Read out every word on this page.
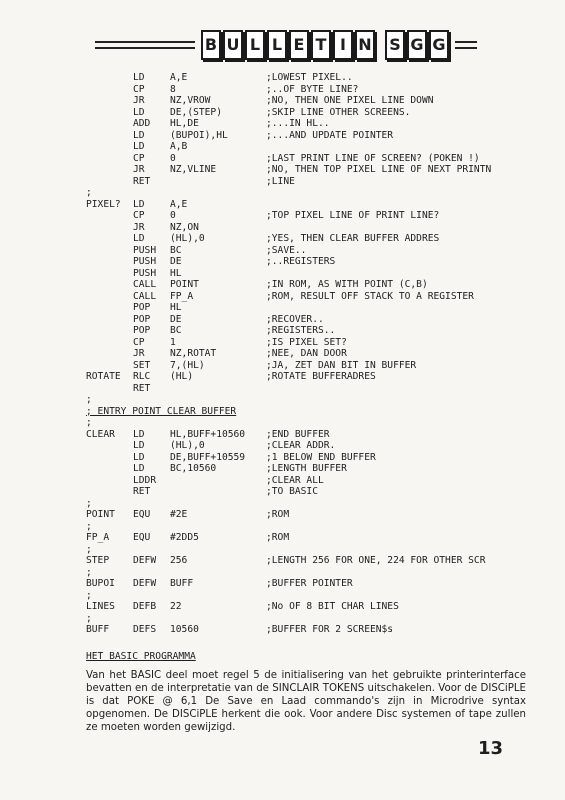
B U L L E T I N S G G
LD	A,E	;LOWEST PIXEL..
CP	8	;..OF BYTE LINE?
JR	NZ,VROW	;NO, THEN ONE PIXEL LINE DOWN
LD	DE,(STEP)	;SKIP LINE OTHER SCREENS.
ADD HL,DE	;...IN HL..
LD	(BUPOI),HL	;...AND UPDATE POINTER
LD	A,B
CP	0	;LAST PRINT LINE OF SCREEN? (POKEN !)
JR	NZ,VLINE	;NO, THEN TOP PIXEL LINE OF NEXT PRINTN
RET	;LINE
;
PIXEL? LD	A,E
CP	0	;TOP PIXEL LINE OF PRINT LINE?
JR	NZ,ON
LD	(HL),0	;YES, THEN CLEAR BUFFER ADDRES
PUSH BC	;SAVE..
PUSH DE	;..REGISTERS
PUSH HL
CALL POINT	;IN ROM, AS WITH POINT (C,B)
CALL FP_A	;ROM, RESULT OFF STACK TO A REGISTER
POP HL
POP DE	;RECOVER..
POP BC	;REGISTERS..
CP	1	;IS PIXEL SET?
JR	NZ,ROTAT	;NEE, DAN DOOR
SET 7,(HL)	;JA, ZET DAN BIT IN BUFFER
ROTATE RLC (HL)	;ROTATE BUFFERADRES
RET
;
; ENTRY POINT CLEAR BUFFER
;
CLEAR LD	HL,BUFF+10560 ;END BUFFER
LD	(HL),0	;CLEAR ADDR.
LD	DE,BUFF+10559 ;1 BELOW END BUFFER
LD	BC,10560	;LENGTH BUFFER
LDDR	;CLEAR ALL
RET	;TO BASIC
;
POINT EQU #2E	;ROM
;
FP_A EQU #2DD5	;ROM
;
STEP DEFW 256	;LENGTH 256 FOR ONE, 224 FOR OTHER SCR
;
BUPOI DEFW BUFF	;BUFFER POINTER
;
LINES DEFB 22	;No OF 8 BIT CHAR LINES
;
BUFF DEFS 10560	;BUFFER FOR 2 SCREEN$s
HET BASIC PROGRAMMA

Van het BASIC deel moet regel 5 de initialisering van het gebruikte printerinterface bevatten en de interpretatie van de SINCLAIR TOKENS uitschakelen. Voor de DISCiPLE is dat POKE @ 6,1 De Save en Laad commando's zijn in Microdrive syntax opgenomen. De DISCiPLE herkent die ook. Voor andere Disc systemen of tape zullen ze moeten worden gewijzigd.

13
